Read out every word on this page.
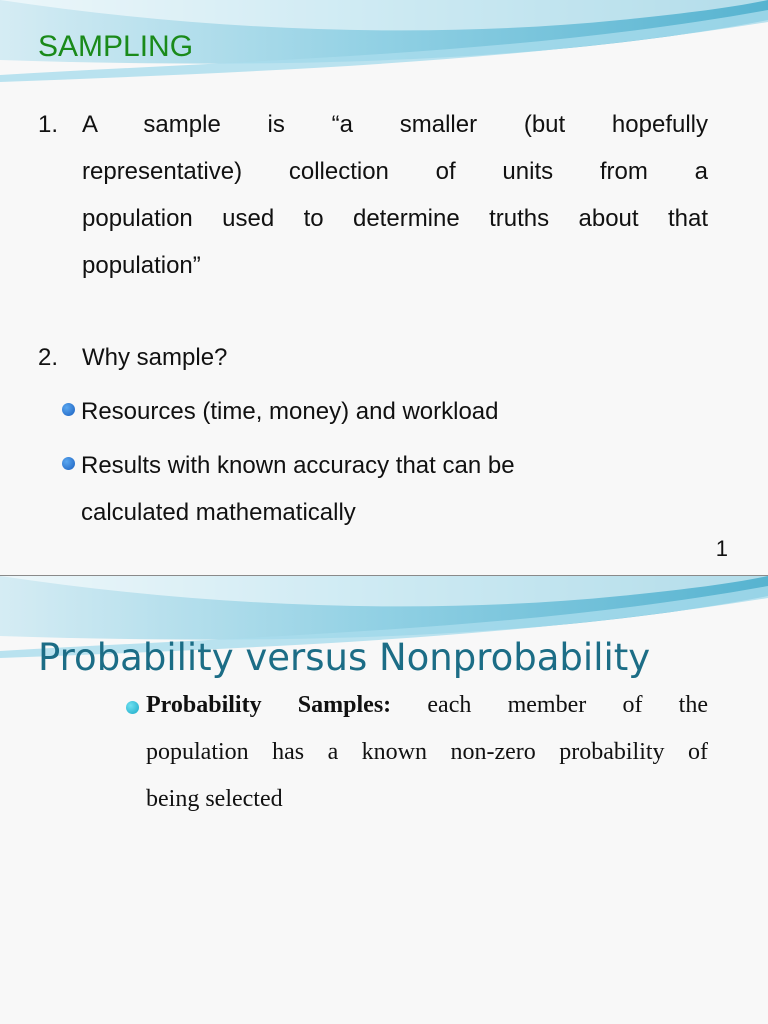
SAMPLING
1. A sample is “a smaller (but hopefully
representative) collection of units from a
population used to determine truths about that
population”
2. Why sample?
Resources (time, money) and workload
Results with known accuracy that can be
calculated mathematically
1
Probability versus Nonprobability
Probability Samples: each member of the
population has a known non-zero probability of
being selected
